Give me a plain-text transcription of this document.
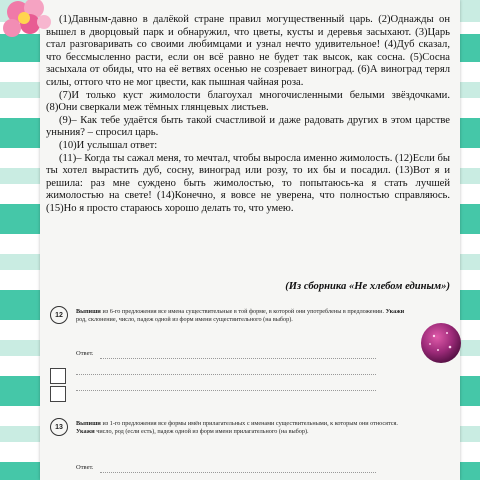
(1)Давным-давно в далёкой стране правил могущественный царь. (2)Однажды он вышел в дворцовый парк и обнаружил, что цветы, кусты и деревья засыхают. (3)Царь стал разговаривать со своими любимцами и узнал нечто удивительное! (4)Дуб сказал, что бессмысленно расти, если он всё равно не будет так высок, как сосна. (5)Сосна засыхала от обиды, что на её ветвях осенью не созревает виноград. (6)А виноград терял силы, оттого что не мог цвести, как пышная чайная роза.

(7)И только куст жимолости благоухал многочисленными белыми звёздочками. (8)Они сверкали меж тёмных глянцевых листьев.

(9)– Как тебе удаётся быть такой счастливой и даже радовать других в этом царстве уныния? – спросил царь.

(10)И услышал ответ:

(11)– Когда ты сажал меня, то мечтал, чтобы выросла именно жимолость. (12)Если бы ты хотел вырастить дуб, сосну, виноград или розу, то их бы и посадил. (13)Вот я и решила: раз мне суждено быть жимолостью, то попытаюсь-ка я стать лучшей жимолостью на свете! (14)Конечно, я вовсе не уверена, что полностью справляюсь. (15)Но я просто стараюсь хорошо делать то, что умею.

(Из сборника «Не хлебом единым»)
12	Выпиши из 6-го предложения все имена существительные в той форме, в которой они употреблены в предложении. Укажи род, склонение, число, падеж одной из форм имени существительного (на выбор).
Ответ.
13	Выпиши из 1-го предложения все формы имён прилагательных с именами существительными, к которым они относятся. Укажи число, род (если есть), падеж одной из форм имени прилагательного (на выбор).
Ответ.
